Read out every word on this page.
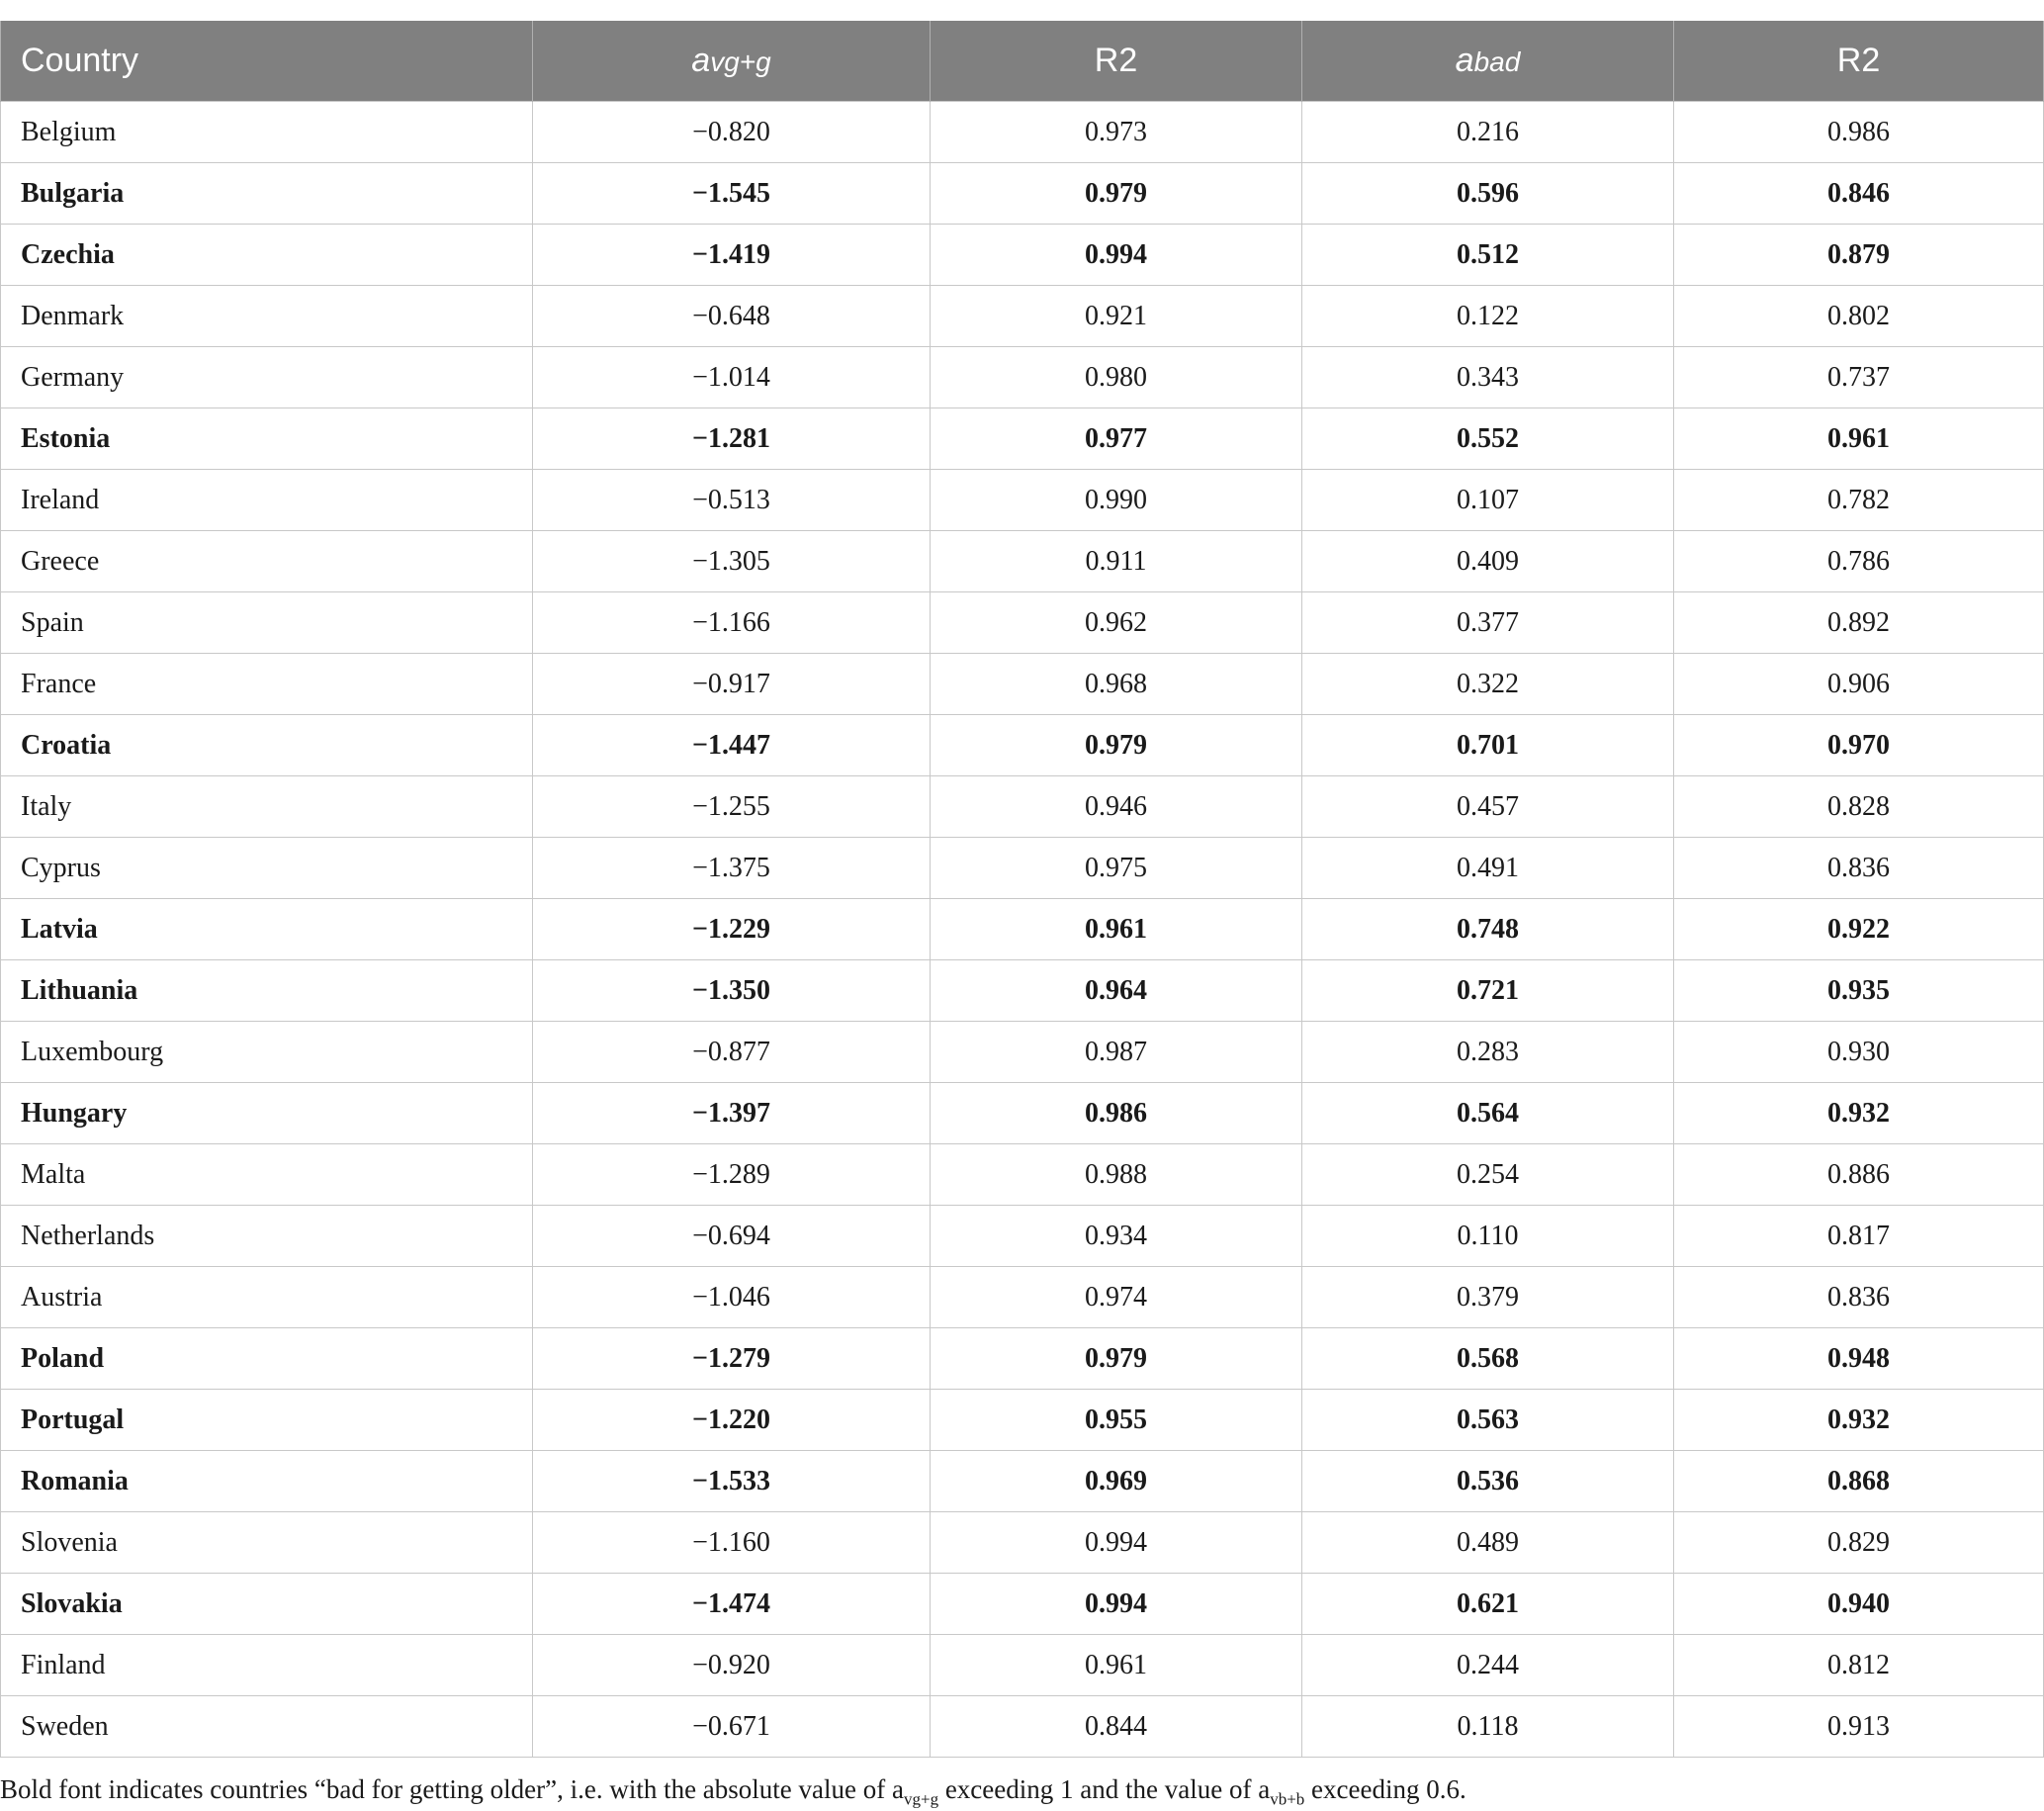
Country	avg+g	R2	abad	R2
Belgium	−0.820	0.973	0.216	0.986
Bulgaria	−1.545	0.979	0.596	0.846
Czechia	−1.419	0.994	0.512	0.879
Denmark	−0.648	0.921	0.122	0.802
Germany	−1.014	0.980	0.343	0.737
Estonia	−1.281	0.977	0.552	0.961
Ireland	−0.513	0.990	0.107	0.782
Greece	−1.305	0.911	0.409	0.786
Spain	−1.166	0.962	0.377	0.892
France	−0.917	0.968	0.322	0.906
Croatia	−1.447	0.979	0.701	0.970
Italy	−1.255	0.946	0.457	0.828
Cyprus	−1.375	0.975	0.491	0.836
Latvia	−1.229	0.961	0.748	0.922
Lithuania	−1.350	0.964	0.721	0.935
Luxembourg	−0.877	0.987	0.283	0.930
Hungary	−1.397	0.986	0.564	0.932
Malta	−1.289	0.988	0.254	0.886
Netherlands	−0.694	0.934	0.110	0.817
Austria	−1.046	0.974	0.379	0.836
Poland	−1.279	0.979	0.568	0.948
Portugal	−1.220	0.955	0.563	0.932
Romania	−1.533	0.969	0.536	0.868
Slovenia	−1.160	0.994	0.489	0.829
Slovakia	−1.474	0.994	0.621	0.940
Finland	−0.920	0.961	0.244	0.812
Sweden	−0.671	0.844	0.118	0.913
Bold font indicates countries “bad for getting older”, i.e. with the absolute value of $a_{vg+g}$ exceeding 1 and the value of $a_{vb+b}$ exceeding 0.6.
